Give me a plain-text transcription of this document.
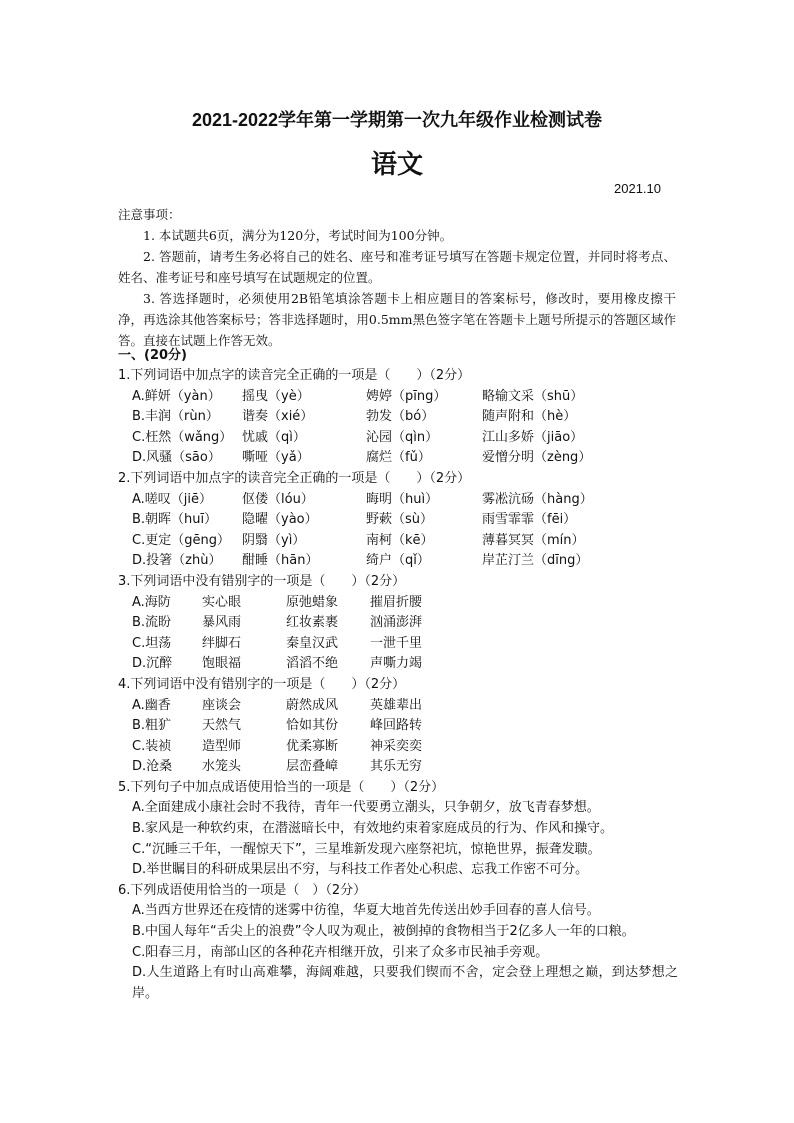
2021-2022学年第一学期第一次九年级作业检测试卷
语文
2021.10
注意事项：
1. 本试题共6页，满分为120分，考试时间为100分钟。
2. 答题前，请考生务必将自己的姓名、座号和准考证号填写在答题卡规定位置，并同时将考点、姓名、准考证号和座号填写在试题规定的位置。
3. 答选择题时，必须使用2B铅笔填涂答题卡上相应题目的答案标号，修改时，要用橡皮擦干净，再选涂其他答案标号；答非选择题时，用0.5mm黑色签字笔在答题卡上题号所提示的答题区域作答。直接在试题上作答无效。
一、(20分)
1.下列词语中加点字的读音完全正确的一项是（　　）（2分）
A.鲜妍（yàn） 摇曳（yè）	娉婷（pīng）	略输文采（shū）
B.丰润（rùn） 谐奏（xié）	勃发（bó）	随声附和（hè）
C.枉然（wǎng） 忧戚（qì）	沁园（qìn）	江山多娇（jiāo）
D.风骚（sāo） 嘶哑（yǎ）	腐烂（fǔ）	爱憎分明（zèng）
2.下列词语中加点字的读音完全正确的一项是（　　）（2分）
A.嗟叹（jiē） 伛偻（lóu）	晦明（huì）	雾凇沆砀（hàng）
B.朝晖（huī） 隐曜（yào）	野蔌（sù）	雨雪霏霏（fēi）
C.更定（gēng） 阴翳（yì）	南柯（kē）	薄暮冥冥（mín）
D.投箸（zhù） 酣睡（hān）	绮户（qǐ）	岸芷汀兰（dīng）
3.下列词语中没有错别字的一项是（　　）（2分）
A.海防 实心眼	原弛蜡象 摧眉折腰
B.流盼 暴风雨	红妆素裹 汹涌澎湃
C.坦荡 绊脚石	秦皇汉武 一泄千里
D.沉醉 饱眼福	滔滔不绝 声嘶力竭
4.下列词语中没有错别字的一项是（　　）（2分）
A.幽香 座谈会	蔚然成风 英雄辈出
B.粗犷 天然气	恰如其份 峰回路转
C.装祯 造型师	优柔寡断 神采奕奕
D.沧桑 水笼头	层峦叠嶂 其乐无穷
5.下列句子中加点成语使用恰当的一项是（　　）（2分）
A.全面建成小康社会时不我待，青年一代要勇立潮头，只争朝夕，放飞青春梦想。
B.家风是一种软约束，在潜滋暗长中，有效地约束着家庭成员的行为、作风和操守。
C.“沉睡三千年，一醒惊天下”，三星堆新发现六座祭祀坑，惊艳世界，振聋发聩。
D.举世瞩目的科研成果层出不穷，与科技工作者处心积虑、忘我工作密不可分。
6.下列成语使用恰当的一项是（　）（2分）
A.当西方世界还在疫情的迷雾中彷徨，华夏大地首先传送出妙手回春的喜人信号。
B.中国人每年“舌尖上的浪费”令人叹为观止，被倒掉的食物相当于2亿多人一年的口粮。
C.阳春三月，南部山区的各种花卉相继开放，引来了众多市民袖手旁观。
D.人生道路上有时山高难攀，海阔难越，只要我们锲而不舍，定会登上理想之巅，到达梦想之岸。
